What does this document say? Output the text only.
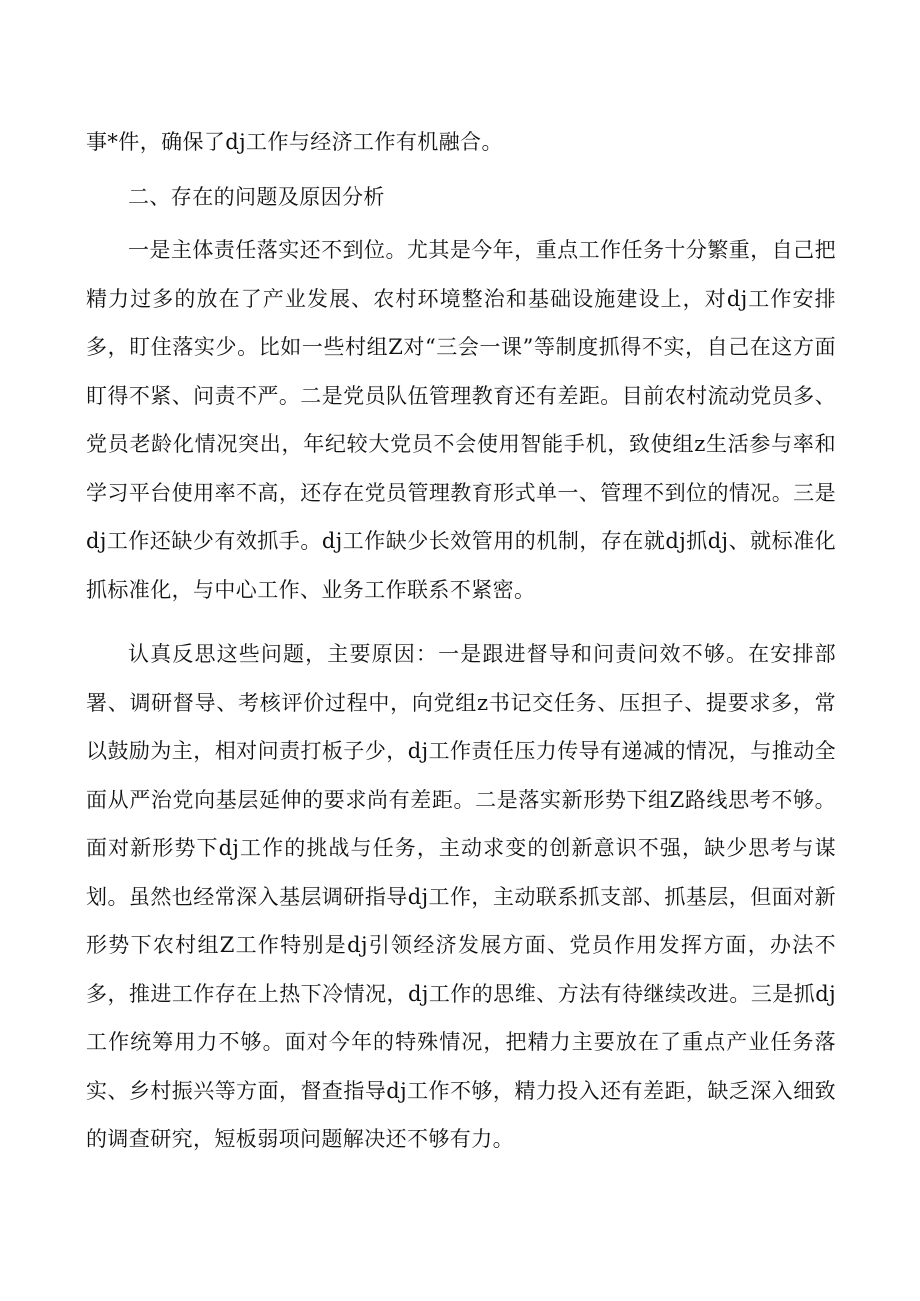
事*件，确保了dj工作与经济工作有机融合。

二、存在的问题及原因分析

一是主体责任落实还不到位。尤其是今年，重点工作任务十分繁重，自己把精力过多的放在了产业发展、农村环境整治和基础设施建设上，对dj工作安排多，盯住落实少。比如一些村组Z对“三会一课”等制度抓得不实，自己在这方面盯得不紧、问责不严。二是党员队伍管理教育还有差距。目前农村流动党员多、党员老龄化情况突出，年纪较大党员不会使用智能手机，致使组z生活参与率和学习平台使用率不高，还存在党员管理教育形式单一、管理不到位的情况。三是dj工作还缺少有效抓手。dj工作缺少长效管用的机制，存在就dj抓dj、就标准化抓标准化，与中心工作、业务工作联系不紧密。

认真反思这些问题，主要原因：一是跟进督导和问责问效不够。在安排部署、调研督导、考核评价过程中，向党组z书记交任务、压担子、提要求多，常以鼓励为主，相对问责打板子少，dj工作责任压力传导有递减的情况，与推动全面从严治党向基层延伸的要求尚有差距。二是落实新形势下组Z路线思考不够。面对新形势下dj工作的挑战与任务，主动求变的创新意识不强，缺少思考与谋划。虽然也经常深入基层调研指导dj工作，主动联系抓支部、抓基层，但面对新形势下农村组Z工作特别是dj引领经济发展方面、党员作用发挥方面，办法不多，推进工作存在上热下冷情况，dj工作的思维、方法有待继续改进。三是抓dj工作统筹用力不够。面对今年的特殊情况，把精力主要放在了重点产业任务落实、乡村振兴等方面，督查指导dj工作不够，精力投入还有差距，缺乏深入细致的调查研究，短板弱项问题解决还不够有力。
